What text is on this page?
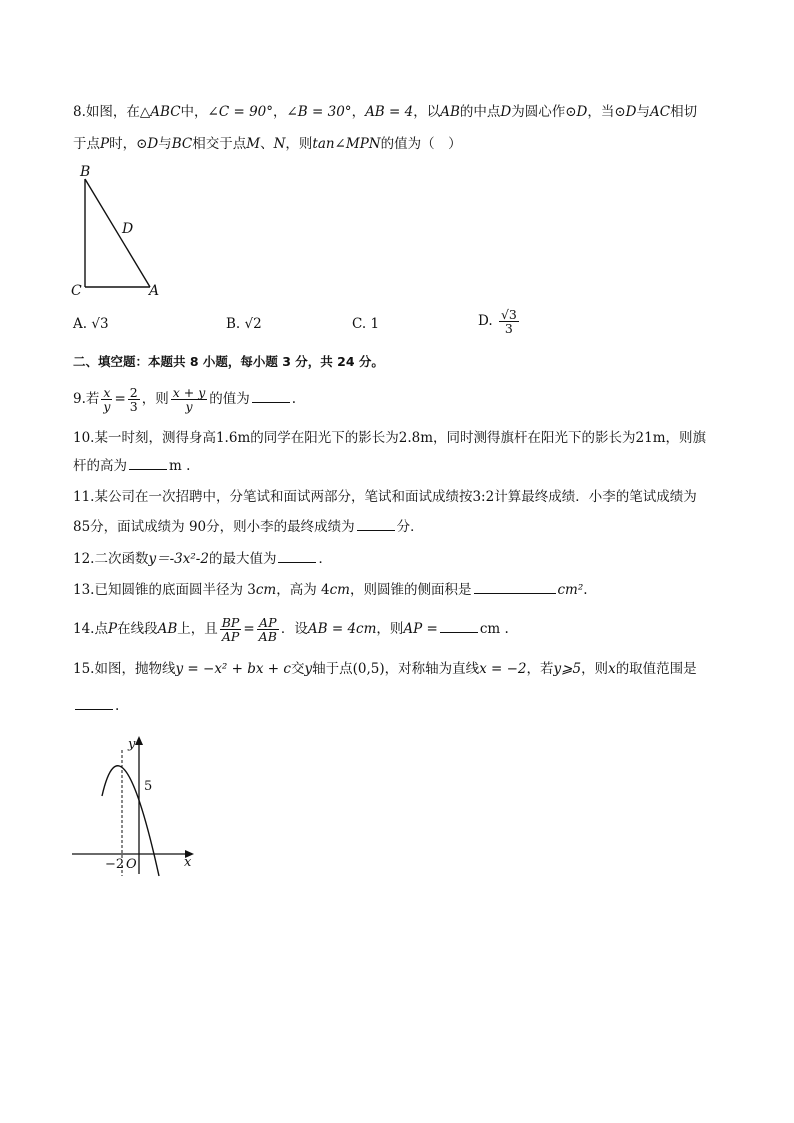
8.如图，在△ABC中，∠C = 90°，∠B = 30°，AB = 4，以AB的中点D为圆心作⊙D，当⊙D与AC相切
于点P时，⊙D与BC相交于点M、N，则tan∠MPN的值为（　）
B
D
C	A
A. √3	B. √2	C. 1	D. $\frac{√3}{3}$
二、填空题：本题共 8 小题，每小题 3 分，共 24 分。
9.若 $\frac{x}{y} = \frac{2}{3}$ ，则 $\frac{x + y}{y}$ 的值为	.
10.某一时刻，测得身高1.6m的同学在阳光下的影长为2.8m，同时测得旗杆在阳光下的影长为21m，则旗
杆的高为	m .
11.某公司在一次招聘中，分笔试和面试两部分，笔试和面试成绩按3:2计算最终成绩．小李的笔试成绩为
85分，面试成绩为 90分，则小李的最终成绩为	分．
12.二次函数y＝-3x²-2的最大值为	．
13.已知圆锥的底面圆半径为 3cm，高为 4cm，则圆锥的侧面积是	cm².
14.点P在线段AB上，且 $\frac{BP}{AP} = \frac{AP}{AB}$ ．设AB = 4cm，则AP =	cm .
15.如图，抛物线y = −x² + bx + c交y轴于点(0,5)，对称轴为直线x = −2，若y⩾5，则x的取值范围是
.
y
5
x
−2 O
